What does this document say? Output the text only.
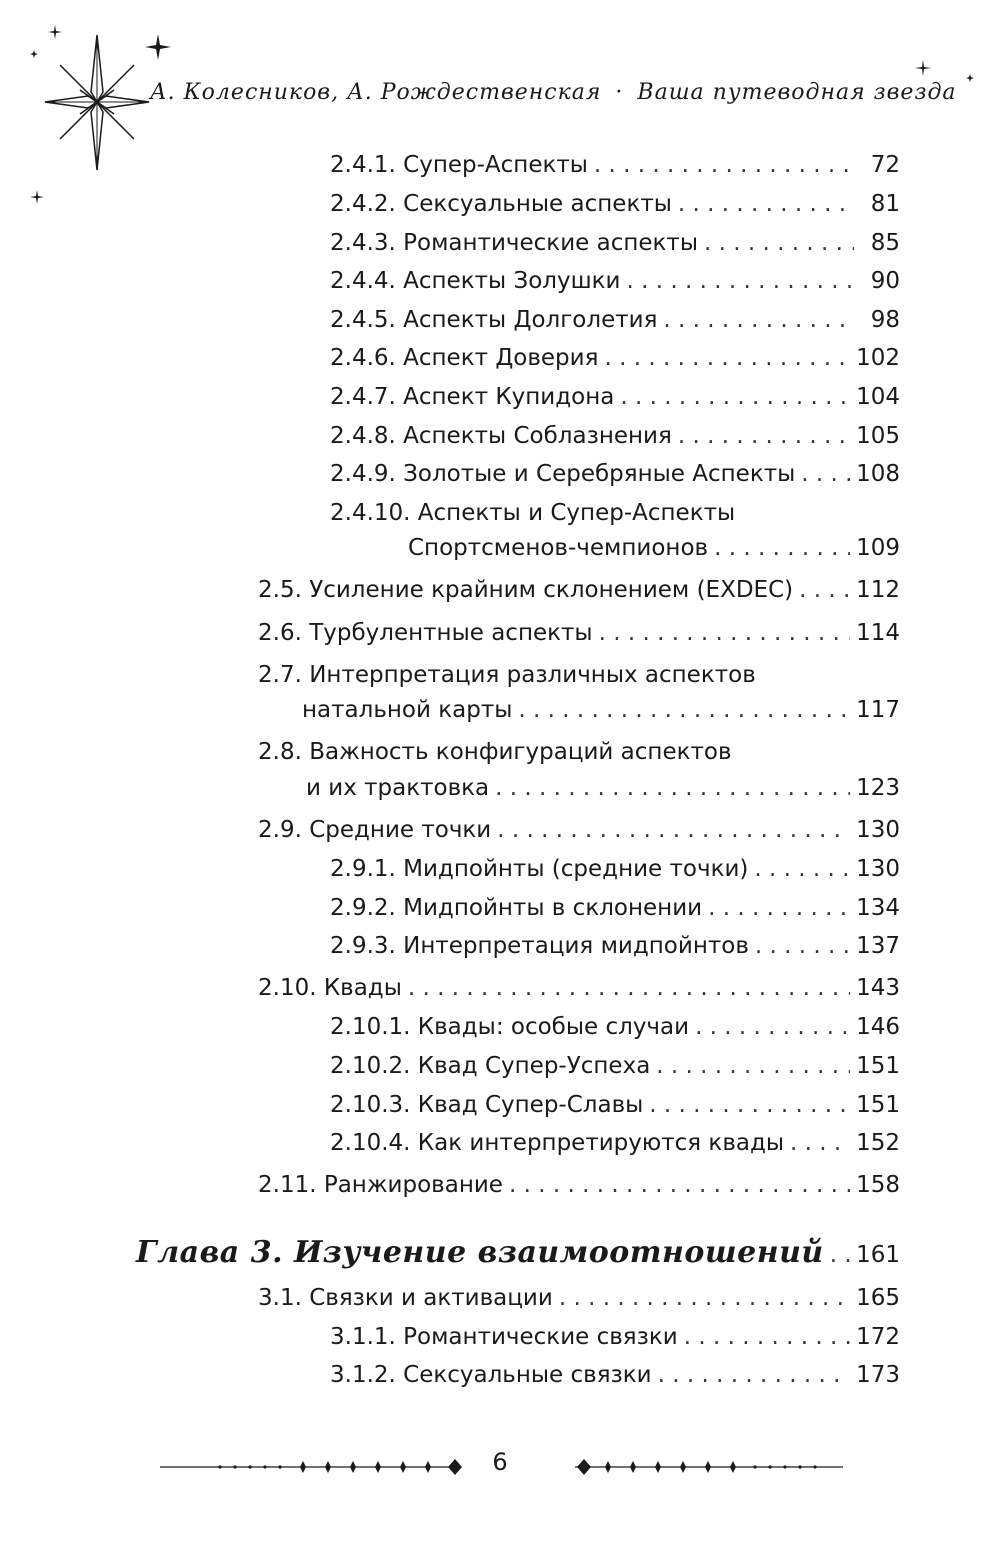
А. Колесников, А. Рождественская · Ваша путеводная звезда
2.4.1. Супер-Аспекты . . .	72
2.4.2. Сексуальные аспекты . . .	81
2.4.3. Романтические аспекты . . .	85
2.4.4. Аспекты Золушки . . .	90
2.4.5. Аспекты Долголетия . . .	98
2.4.6. Аспект Доверия . . .	102
2.4.7. Аспект Купидона . . .	104
2.4.8. Аспекты Соблазнения . . .	105
2.4.9. Золотые и Серебряные Аспекты . . .	108
2.4.10. Аспекты и Супер-Аспекты
Спортсменов-чемпионов . . .	109
2.5. Усиление крайним склонением (EXDEC) . . .	112
2.6. Турбулентные аспекты . . .	114
2.7. Интерпретация различных аспектов
натальной карты . . .	117
2.8. Важность конфигураций аспектов
и их трактовка . . .	123
2.9. Средние точки . . .	130
2.9.1. Мидпойнты (средние точки) . . .	130
2.9.2. Мидпойнты в склонении . . .	134
2.9.3. Интерпретация мидпойнтов . . .	137
2.10. Квады . . .	143
2.10.1. Квады: особые случаи . . .	146
2.10.2. Квад Супер-Успеха . . .	151
2.10.3. Квад Супер-Славы . . .	151
2.10.4. Как интерпретируются квады . . .	152
2.11. Ранжирование . . .	158
Глава 3. Изучение взаимоотношений . . . 161
3.1. Связки и активации . . .	165
3.1.1. Романтические связки . . .	172
3.1.2. Сексуальные связки . . .	173
6
